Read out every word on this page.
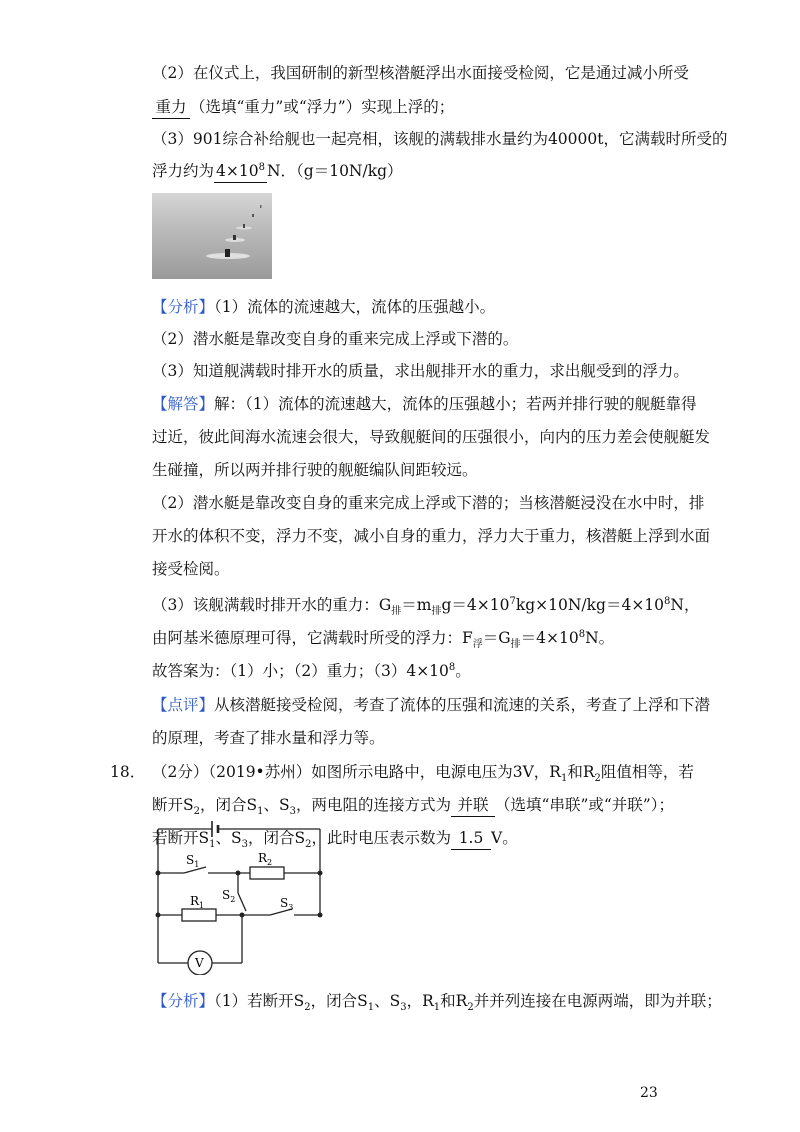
（2）在仪式上，我国研制的新型核潜艇浮出水面接受检阅，它是通过减小所受
重力 （选填“重力”或“浮力”）实现上浮的；
（3）901综合补给舰也一起亮相，该舰的满载排水量约为40000t，它满载时所受的
浮力约为 $4\times 10^8$ N．（g＝10N/kg）
【分析】（1）流体的流速越大，流体的压强越小。
（2）潜水艇是靠改变自身的重来完成上浮或下潜的。
（3）知道舰满载时排开水的质量，求出舰排开水的重力，求出舰受到的浮力。
【解答】解：（1）流体的流速越大，流体的压强越小；若两并排行驶的舰艇靠得
过近，彼此间海水流速会很大，导致舰艇间的压强很小，向内的压力差会使舰艇发
生碰撞，所以两并排行驶的舰艇编队间距较远。
（2）潜水艇是靠改变自身的重来完成上浮或下潜的；当核潜艇浸没在水中时，排
开水的体积不变，浮力不变，减小自身的重力，浮力大于重力，核潜艇上浮到水面
接受检阅。
（3）该舰满载时排开水的重力：$G_排=m_排g=4\times 10^7kg\times 10N/kg=4\times 10^8N$，
由阿基米德原理可得，它满载时所受的浮力：$F_浮=G_排=4\times 10^8N$。
故答案为：（1）小；（2）重力；$(3)4\times 10^8$。
【点评】从核潜艇接受检阅，考查了流体的压强和流速的关系，考查了上浮和下潜
的原理，考查了排水量和浮力等。
18． （2分）（2019•苏州）如图所示电路中，电源电压为3V，$R_1$和$R_2$阻值相等，若
断开$S_2$，闭合$S_1$、$S_3$，两电阻的连接方式为 并联 （选填“串联”或“并联”）；
若断开$S_1$、$S_3$，闭合$S_2$，此时电压表示数为 1.5 V。
$S_1$	$R_2$
$S_2$
$R_1$	$S_3$
V
【分析】（1）若断开$S_2$，闭合$S_1$、$S_3$，$R_1$和$R_2$并并列连接在电源两端，即为并联；
23
